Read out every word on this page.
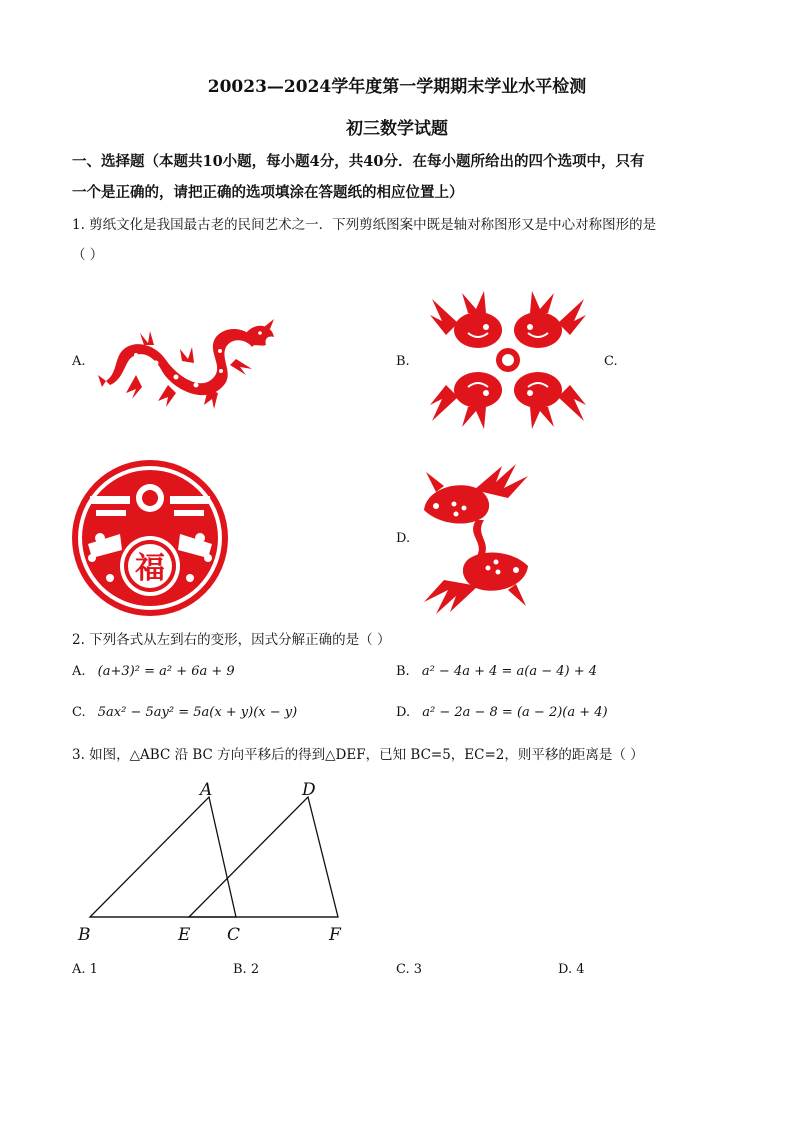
20023—2024学年度第一学期期末学业水平检测
初三数学试题
一、选择题（本题共10小题，每小题4分，共40分．在每小题所给出的四个选项中，只有
一个是正确的，请把正确的选项填涂在答题纸的相应位置上）
1. 剪纸文化是我国最古老的民间艺术之一．下列剪纸图案中既是轴对称图形又是中心对称图形的是
（ ）
A.	B.	C.
福
D.
2. 下列各式从左到右的变形，因式分解正确的是（ ）
A. (a+3)² = a² + 6a + 9	B. a² − 4a + 4 = a(a − 4) + 4
C. 5ax² − 5ay² = 5a(x + y)(x − y)	D. a² − 2a − 8 = (a − 2)(a + 4)
3. 如图，△ABC 沿 BC 方向平移后的得到△DEF，已知 BC=5，EC=2，则平移的距离是（ ）
A	D
B	E C	F
A. 1	B. 2	C. 3	D. 4
